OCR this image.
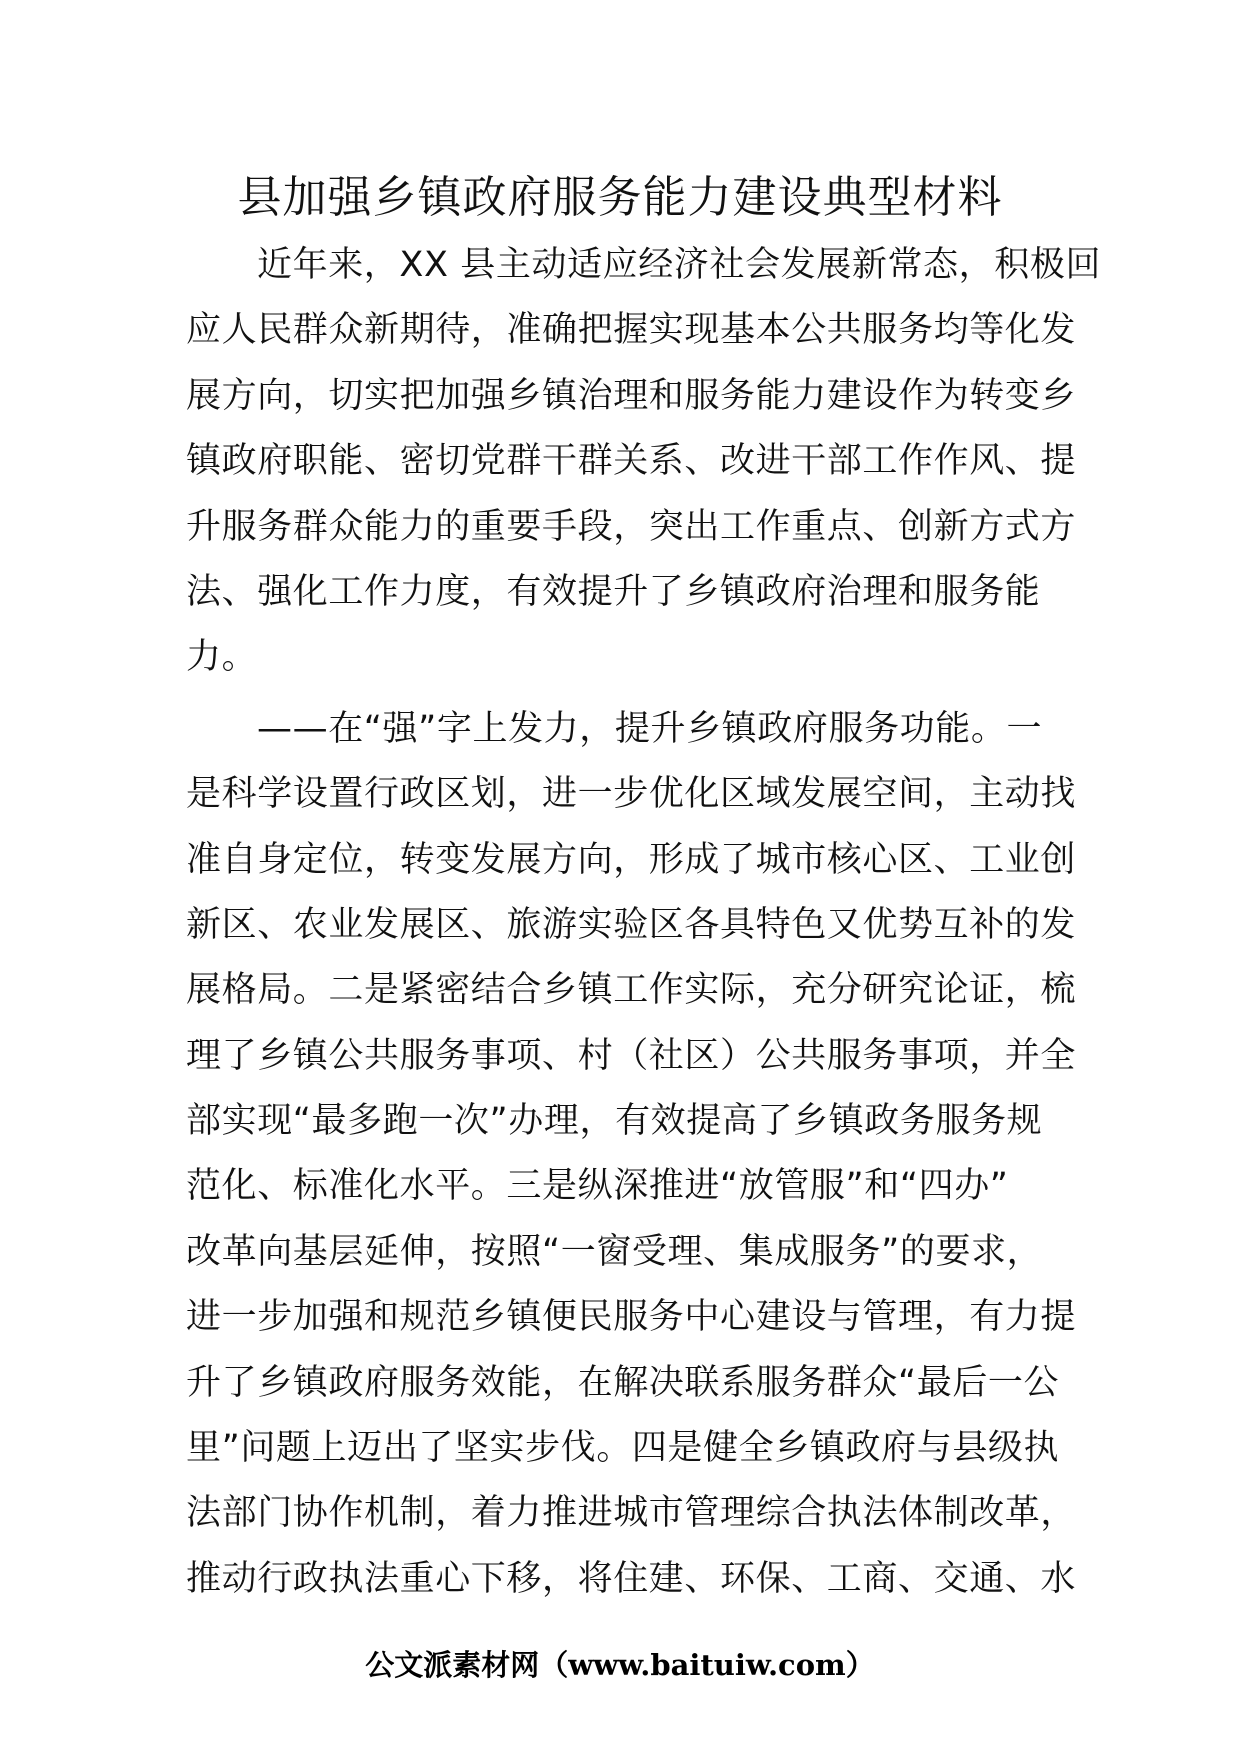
县加强乡镇政府服务能力建设典型材料

近年来，XX 县主动适应经济社会发展新常态，积极回

应人民群众新期待，准确把握实现基本公共服务均等化发

展方向，切实把加强乡镇治理和服务能力建设作为转变乡

镇政府职能、密切党群干群关系、改进干部工作作风、提

升服务群众能力的重要手段，突出工作重点、创新方式方

法、强化工作力度，有效提升了乡镇政府治理和服务能

力。

——在“强”字上发力，提升乡镇政府服务功能。一

是科学设置行政区划，进一步优化区域发展空间，主动找

准自身定位，转变发展方向，形成了城市核心区、工业创

新区、农业发展区、旅游实验区各具特色又优势互补的发

展格局。二是紧密结合乡镇工作实际，充分研究论证，梳

理了乡镇公共服务事项、村（社区）公共服务事项，并全

部实现“最多跑一次”办理，有效提高了乡镇政务服务规

范化、标准化水平。三是纵深推进“放管服”和“四办”

改革向基层延伸，按照“一窗受理、集成服务”的要求，

进一步加强和规范乡镇便民服务中心建设与管理，有力提

升了乡镇政府服务效能，在解决联系服务群众“最后一公

里”问题上迈出了坚实步伐。四是健全乡镇政府与县级执

法部门协作机制，着力推进城市管理综合执法体制改革，

推动行政执法重心下移，将住建、环保、工商、交通、水

公文派素材网（www.baituiw.com）
